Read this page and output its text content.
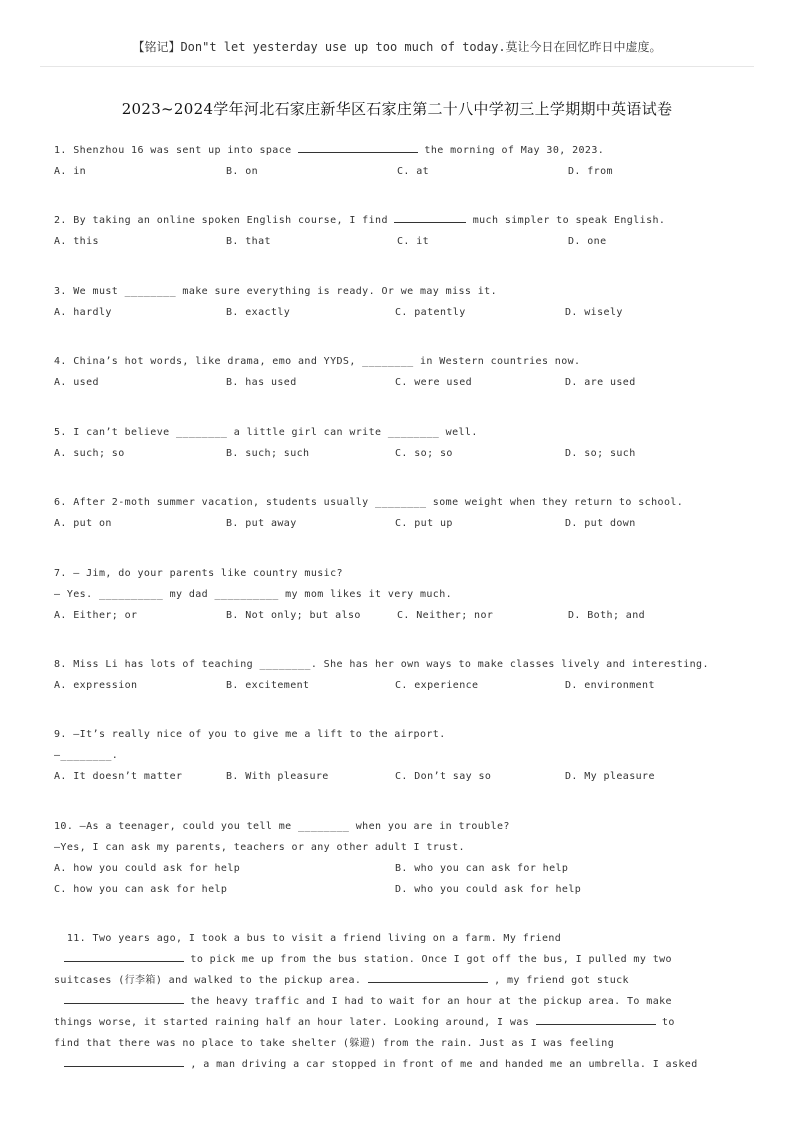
【铭记】Don"t let yesterday use up too much of today.莫让今日在回忆昨日中虚度。
2023~2024学年河北石家庄新华区石家庄第二十八中学初三上学期期中英语试卷
1. Shenzhou 16 was sent up into space	the morning of May 30, 2023.
A. in	B. on	C. at	D. from
2. By taking an online spoken English course, I find	much simpler to speak English.
A. this	B. that	C. it	D. one
3. We must ________ make sure everything is ready. Or we may miss it.
A. hardly	B. exactly	C. patently	D. wisely
4. China’s hot words, like drama, emo and YYDS, ________ in Western countries now.
A. used	B. has used	C. were used	D. are used
5. I can’t believe ________ a little girl can write ________ well.
A. such; so	B. such; such	C. so; so	D. so; such
6. After 2-moth summer vacation, students usually ________ some weight when they return to school.
A. put on	B. put away	C. put up	D. put down
7. — Jim, do your parents like country music?
— Yes. __________ my dad __________ my mom likes it very much.
A. Either; or	B. Not only; but also	C. Neither; nor	D. Both; and
8. Miss Li has lots of teaching ________. She has her own ways to make classes lively and interesting.
A. expression	B. excitement	C. experience	D. environment
9. —It’s really nice of you to give me a lift to the airport.
—________.
A. It doesn’t matter	B. With pleasure	C. Don’t say so	D. My pleasure
10. —As a teenager, could you tell me ________ when you are in trouble?
—Yes, I can ask my parents, teachers or any other adult I trust.
A. how you could ask for help	B. who you can ask for help
C. how you can ask for help	D. who you could ask for help
11. Two years ago, I took a bus to visit a friend living on a farm. My friend
to pick me up from the bus station. Once I got off the bus, I pulled my two
suitcases (行李箱) and walked to the pickup area.	, my friend got stuck
the heavy traffic and I had to wait for an hour at the pickup area. To make
things worse, it started raining half an hour later. Looking around, I was	to
find that there was no place to take shelter (躲避) from the rain. Just as I was feeling
, a man driving a car stopped in front of me and handed me an umbrella. I asked
